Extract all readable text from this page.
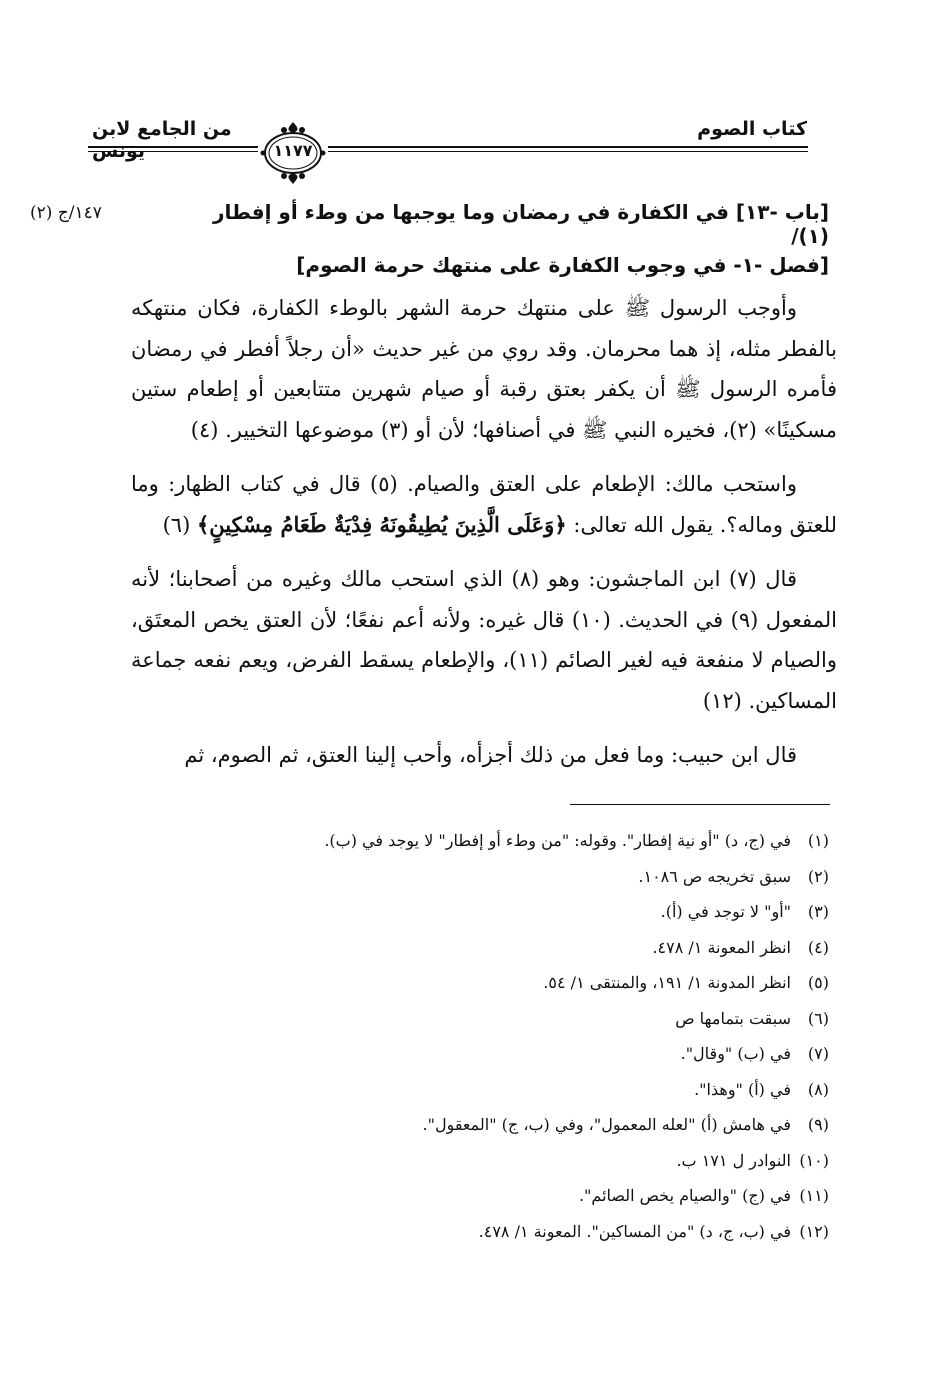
كتاب الصوم
من الجامع لابن يونس	١١٧٧
١٤٧/ج (٢)	[باب -١٣] في الكفارة في رمضان وما يوجبها من وطء أو إفطار (١)/
[فصل -١- في وجوب الكفارة على منتهك حرمة الصوم]

وأوجب الرسول ﷺ على منتهك حرمة الشهر بالوطء الكفارة، فكان منتهكه بالفطر مثله، إذ هما محرمان. وقد روي من غير حديث «أن رجلاً أفطر في رمضان فأمره الرسول ﷺ أن يكفر بعتق رقبة أو صيام شهرين متتابعين أو إطعام ستين مسكينًا» (٢)، فخيره النبي ﷺ في أصنافها؛ لأن أو (٣) موضوعها التخيير. (٤)

واستحب مالك: الإطعام على العتق والصيام. (٥) قال في كتاب الظهار: وما للعتق وماله؟. يقول الله تعالى: ﴿وَعَلَى الَّذِينَ يُطِيقُونَهُ فِدْيَةٌ طَعَامُ مِسْكِينٍ﴾ (٦)

قال (٧) ابن الماجشون: وهو (٨) الذي استحب مالك وغيره من أصحابنا؛ لأنه المفعول (٩) في الحديث. (١٠) قال غيره: ولأنه أعم نفعًا؛ لأن العتق يخص المعتَق، والصيام لا منفعة فيه لغير الصائم (١١)، والإطعام يسقط الفرض، ويعم نفعه جماعة المساكين. (١٢)

قال ابن حبيب: وما فعل من ذلك أجزأه، وأحب إلينا العتق، ثم الصوم، ثم

(١)في (ج، د) "أو نية إفطار". وقوله: "من وطء أو إفطار" لا يوجد في (ب).
(٢)سبق تخريجه ص ١٠٨٦.
(٣)"أو" لا توجد في (أ).
(٤)انظر المعونة ١/ ٤٧٨.
(٥)انظر المدونة ١/ ١٩١، والمنتقى ١/ ٥٤.
(٦)سبقت بتمامها ص
(٧)في (ب) "وقال".
(٨)في (أ) "وهذا".
(٩)في هامش (أ) "لعله المعمول"، وفي (ب، ج) "المعقول".
(١٠)النوادر ل ١٧١ ب.
(١١)في (ج) "والصيام يخص الصائم".
(١٢)في (ب، ج، د) "من المساكين". المعونة ١/ ٤٧٨.
